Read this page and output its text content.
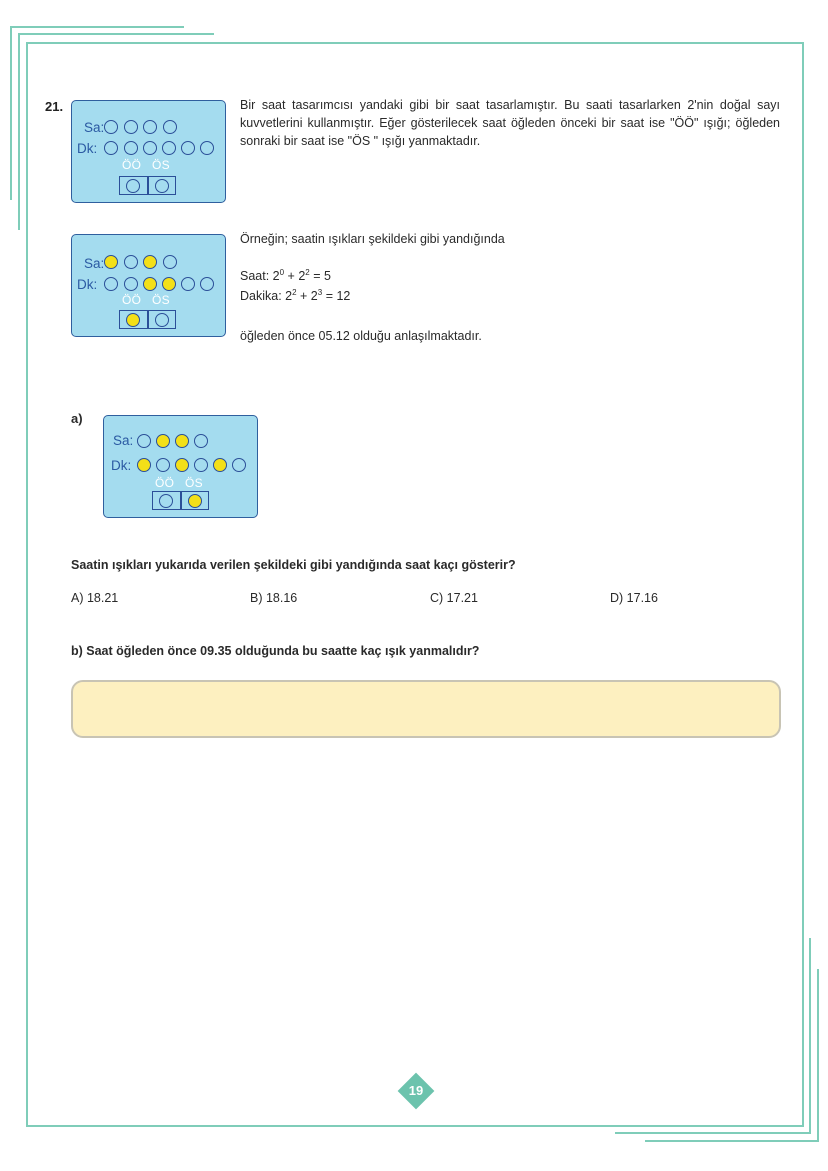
21.
Sa:
Dk:
ÖÖ ÖS
Bir saat tasarımcısı yandaki gibi bir saat tasarlamıştır. Bu saati tasarlarken 2'nin doğal sayı kuvvetlerini kullanmıştır. Eğer gösterilecek saat öğleden önceki bir saat ise "ÖÖ" ışığı; öğleden sonraki bir saat ise "ÖS " ışığı yanmaktadır.
Sa:
Dk:
ÖÖ ÖS
Örneğin; saatin ışıkları şekildeki gibi yandığında
Saat: $2^0 + 2^2 = 5$
Dakika: $2^2 + 2^3 = 12$
öğleden önce 05.12 olduğu anlaşılmaktadır.
a)
Sa:
Dk:
ÖÖ ÖS
Saatin ışıkları yukarıda verilen şekildeki gibi yandığında saat kaçı gösterir?
A) 18.21	B) 18.16	C) 17.21	D) 17.16
b) Saat öğleden önce 09.35 olduğunda bu saatte kaç ışık yanmalıdır?
19
